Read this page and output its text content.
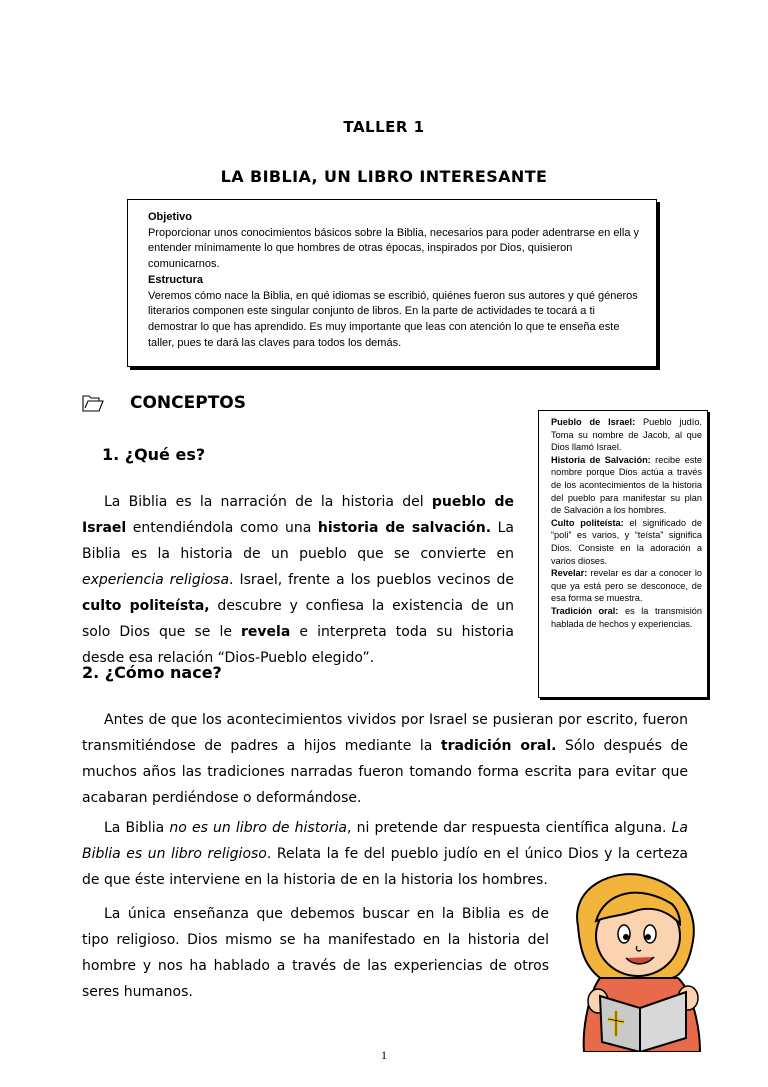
TALLER 1
LA BIBLIA, UN LIBRO INTERESANTE

Objetivo

Proporcionar unos conocimientos básicos sobre la Biblia, necesarios para poder adentrarse en ella y entender mínimamente lo que hombres de otras épocas, inspirados por Dios, quisieron comunicarnos.

Estructura

Veremos cómo nace la Biblia, en qué idiomas se escribió, quiénes fueron sus autores y qué géneros literarios componen este singular conjunto de libros. En la parte de actividades te tocará a ti demostrar lo que has aprendido. Es muy importante que leas con atención lo que te enseña este taller, pues te dará las claves para todos los demás.

CONCEPTOS
1. ¿Qué es?
La Biblia es la narración de la historia del pueblo de Israel entendiéndola como una historia de salvación. La Biblia es la historia de un pueblo que se convierte en experiencia religiosa. Israel, frente a los pueblos vecinos de culto politeísta, descubre y confiesa la existencia de un solo Dios que se le revela e interpreta toda su historia desde esa relación “Dios-Pueblo elegido”.

Pueblo de Israel: Pueblo judío. Toma su nombre de Jacob, al que Dios llamó Israel.

Historia de Salvación: recibe este nombre porque Dios actúa a través de los acontecimientos de la historia del pueblo para manifestar su plan de Salvación a los hombres.

Culto politeísta: el significado de “poli” es varios, y “teísta” significa Dios. Consiste en la adoración a varios dioses.

Revelar: revelar es dar a conocer lo que ya está pero se desconoce, de esa forma se muestra.

Tradición oral: es la transmisión hablada de hechos y experiencias.

2. ¿Cómo nace?
Antes de que los acontecimientos vividos por Israel se pusieran por escrito, fueron transmitiéndose de padres a hijos mediante la tradición oral. Sólo después de muchos años las tradiciones narradas fueron tomando forma escrita para evitar que acabaran perdiéndose o deformándose.
La Biblia no es un libro de historia, ni pretende dar respuesta científica alguna. La Biblia es un libro religioso. Relata la fe del pueblo judío en el único Dios y la certeza de que éste interviene en la historia de en la historia los hombres.
La única enseñanza que debemos buscar en la Biblia es de tipo religioso. Dios mismo se ha manifestado en la historia del hombre y nos ha hablado a través de las experiencias de otros seres humanos.
1
